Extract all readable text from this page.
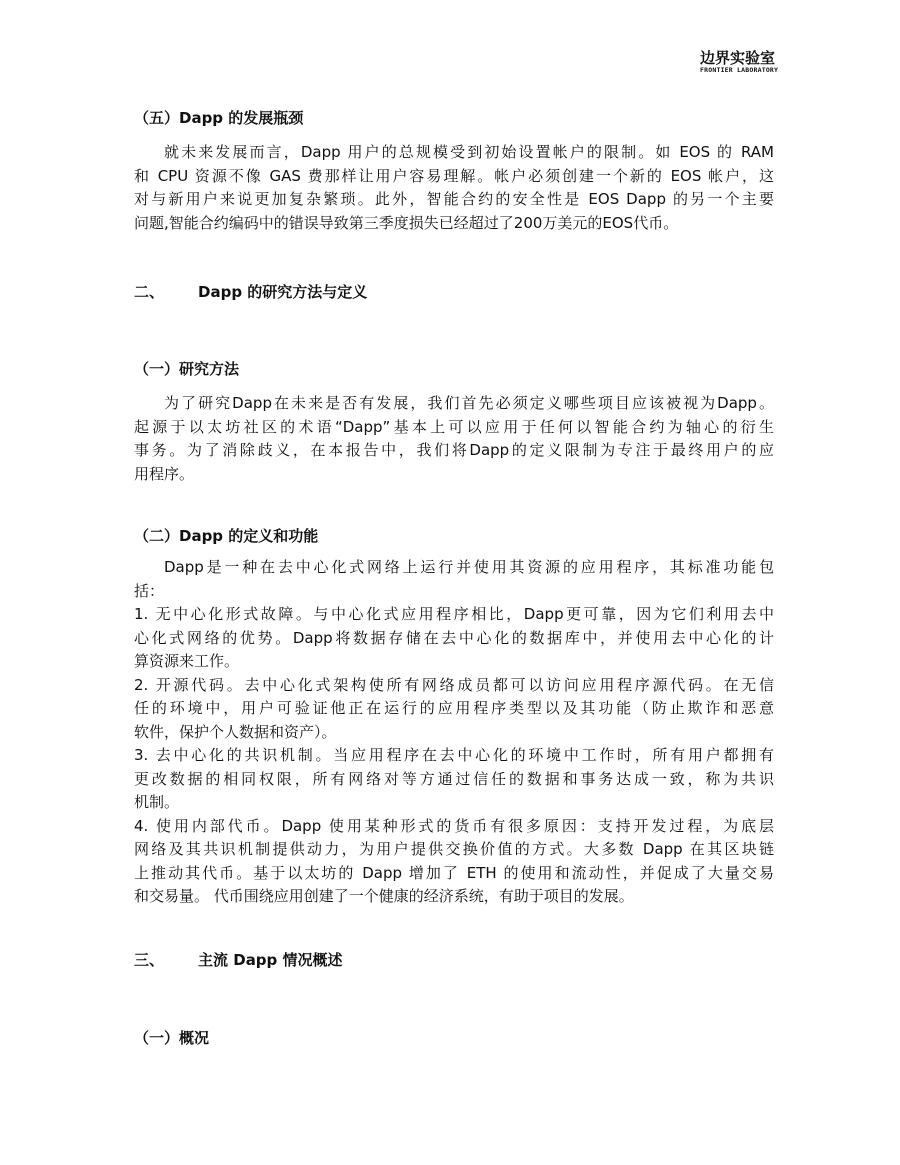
边界实验室
FRONTIER LABORATORY
（五）Dapp 的发展瓶颈
就未来发展而言，Dapp 用户的总规模受到初始设置帐户的限制。如 EOS 的 RAM
和 CPU 资源不像 GAS 费那样让用户容易理解。帐户必须创建一个新的 EOS 帐户，这
对与新用户来说更加复杂繁琐。此外，智能合约的安全性是 EOS Dapp 的另一个主要
问题,智能合约编码中的错误导致第三季度损失已经超过了200万美元的EOS代币。
二、 Dapp 的研究方法与定义
（一）研究方法
为了研究Dapp在未来是否有发展，我们首先必须定义哪些项目应该被视为Dapp。
起源于以太坊社区的术语“Dapp”基本上可以应用于任何以智能合约为轴心的衍生
事务。为了消除歧义，在本报告中，我们将Dapp的定义限制为专注于最终用户的应
用程序。
（二）Dapp 的定义和功能
Dapp是一种在去中心化式网络上运行并使用其资源的应用程序，其标准功能包
括：
1. 无中心化形式故障。与中心化式应用程序相比，Dapp更可靠，因为它们利用去中
心化式网络的优势。Dapp将数据存储在去中心化的数据库中，并使用去中心化的计
算资源来工作。
2. 开源代码。去中心化式架构使所有网络成员都可以访问应用程序源代码。在无信
任的环境中，用户可验证他正在运行的应用程序类型以及其功能（防止欺诈和恶意
软件，保护个人数据和资产）。
3. 去中心化的共识机制。当应用程序在去中心化的环境中工作时，所有用户都拥有
更改数据的相同权限，所有网络对等方通过信任的数据和事务达成一致，称为共识
机制。
4. 使用内部代币。Dapp 使用某种形式的货币有很多原因：支持开发过程，为底层
网络及其共识机制提供动力，为用户提供交换价值的方式。大多数 Dapp 在其区块链
上推动其代币。基于以太坊的 Dapp 增加了 ETH 的使用和流动性，并促成了大量交易
和交易量。 代币围绕应用创建了一个健康的经济系统，有助于项目的发展。
三、 主流 Dapp 情况概述
（一）概况
